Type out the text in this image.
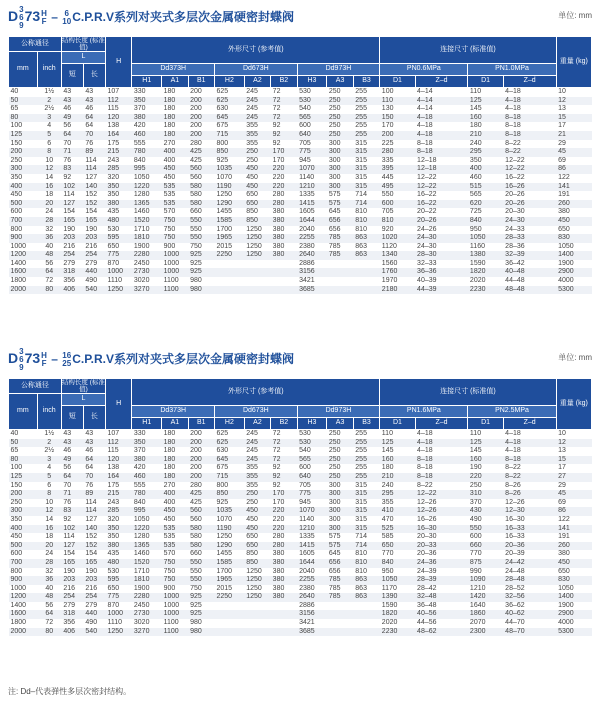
D3
6
973H
F – 6
10C.P.R.V系列对夹式多层次金属硬密封蝶阀	单位: mm
公称通径		结构长度 (标准值)		H	外形尺寸 (参考值)									连接尺寸 (标准值)				重量 (kg)
mm	inch	L																
		短	长		Dd373H			Dd673H			Dd973H			PN0.6MPa		PN1.0MPa		
					H1	A1	B1	H2	A2	B2	H3	A3	B3	D1	Z–d	D1	Z–d	
40	1½	43	43	107	330	180	200	625	245	72	530	250	255	100	4–14	110	4–18	10
50	2	43	43	112	350	180	200	625	245	72	530	250	255	110	4–14	125	4–18	12
65	2½	46	46	115	370	180	200	630	245	72	540	250	255	130	4–14	145	4–18	13
80	3	49	64	120	380	180	200	645	245	72	565	250	255	150	4–18	160	8–18	15
100	4	56	64	138	420	180	200	675	355	92	600	250	255	170	4–18	180	8–18	17
125	5	64	70	164	460	180	200	715	355	92	640	250	255	200	4–18	210	8–18	21
150	6	70	76	175	555	270	280	800	355	92	705	300	315	225	8–18	240	8–22	29
200	8	71	89	215	780	400	425	850	250	170	775	300	315	280	8–18	295	8–22	45
250	10	76	114	243	840	400	425	925	250	170	945	300	315	335	12–18	350	12–22	69
300	12	83	114	285	995	450	560	1035	450	220	1070	300	315	395	12–18	400	12–22	86
350	14	92	127	320	1050	450	560	1070	450	220	1140	300	315	445	12–22	460	16–22	122
400	16	102	140	350	1220	535	580	1190	450	220	1210	300	315	495	12–22	515	16–26	141
450	18	114	152	350	1280	535	580	1250	650	280	1335	575	714	550	16–22	565	20–26	191
500	20	127	152	380	1365	535	580	1290	650	280	1415	575	714	600	16–22	620	20–26	260
600	24	154	154	435	1460	570	660	1455	850	380	1605	645	810	705	20–22	725	20–30	380
700	28	165	165	480	1520	750	550	1585	850	380	1644	656	810	810	20–26	840	24–30	450
800	32	190	190	530	1710	750	550	1700	1250	380	2040	656	810	920	24–26	950	24–33	650
900	36	203	203	595	1810	750	550	1965	1250	380	2255	785	863	1020	24–30	1050	28–33	830
1000	40	216	216	650	1900	900	750	2015	1250	380	2380	785	863	1120	24–30	1160	28–36	1050
1200	48	254	254	775	2280	1000	925	2250	1250	380	2640	785	863	1340	28–30	1380	32–39	1400
1400	56	279	279	870	2450	1000	925				2886			1560	32–33	1590	36–42	1900
1600	64	318	440	1000	2730	1000	925				3156			1760	36–36	1820	40–48	2900
1800	72	356	490	1110	3020	1100	980				3421			1970	40–39	2020	44–48	4000
2000	80	406	540	1250	3270	1100	980				3685			2180	44–39	2230	48–48	5300
D3
6
973H
F – 16
25C.P.R.V系列对夹式多层次金属硬密封蝶阀	单位: mm
公称通径		结构长度 (标准值)		H	外形尺寸 (参考值)									连接尺寸 (标准值)				重量 (kg)
mm	inch	L																
		短	长		Dd373H			Dd673H			Dd973H			PN1.6MPa		PN2.5MPa		
					H1	A1	B1	H2	A2	B2	H3	A3	B3	D1	Z–d	D1	Z–d	
40	1½	43	43	107	330	180	200	625	245	72	530	250	255	110	4–18	110	4–18	10
50	2	43	43	112	350	180	200	625	245	72	530	250	255	125	4–18	125	4–18	12
65	2½	46	46	115	370	180	200	630	245	72	540	250	255	145	4–18	145	4–18	13
80	3	49	64	120	380	180	200	645	245	72	565	250	255	160	8–18	160	8–18	15
100	4	56	64	138	420	180	200	675	355	92	600	250	255	180	8–18	190	8–22	17
125	5	64	70	164	460	180	200	715	355	92	640	250	255	210	8–18	220	8–22	27
150	6	70	76	175	555	270	280	800	355	92	705	300	315	240	8–22	250	8–26	29
200	8	71	89	215	780	400	425	850	250	170	775	300	315	295	12–22	310	8–26	45
250	10	76	114	243	840	400	425	925	250	170	945	300	315	355	12–26	370	12–26	69
300	12	83	114	285	995	450	560	1035	450	220	1070	300	315	410	12–26	430	12–30	86
350	14	92	127	320	1050	450	560	1070	450	220	1140	300	315	470	16–26	490	16–30	122
400	16	102	140	350	1220	535	580	1190	450	220	1210	300	315	525	16–30	550	16–33	141
450	18	114	152	350	1280	535	580	1250	650	280	1335	575	714	585	20–30	600	16–33	191
500	20	127	152	380	1365	535	580	1290	650	280	1415	575	714	650	20–33	660	20–36	260
600	24	154	154	435	1460	570	660	1455	850	380	1605	645	810	770	20–36	770	20–39	380
700	28	165	165	480	1520	750	550	1585	850	380	1644	656	810	840	24–36	875	24–42	450
800	32	190	190	530	1710	750	550	1700	1250	380	2040	656	810	950	24–39	990	24–48	650
900	36	203	203	595	1810	750	550	1965	1250	380	2255	785	863	1050	28–39	1090	28–48	830
1000	40	216	216	650	1900	900	750	2015	1250	380	2380	785	863	1170	28–42	1210	28–52	1050
1200	48	254	254	775	2280	1000	925	2250	1250	380	2640	785	863	1390	32–48	1420	32–56	1400
1400	56	279	279	870	2450	1000	925				2886			1590	36–48	1640	36–62	1900
1600	64	318	440	1000	2730	1000	925				3156			1820	40–56	1860	40–62	2900
1800	72	356	490	1110	3020	1100	980				3421			2020	44–56	2070	44–70	4000
2000	80	406	540	1250	3270	1100	980				3685			2230	48–62	2300	48–70	5300
注: Dd–代表弹性多层次密封结构。
